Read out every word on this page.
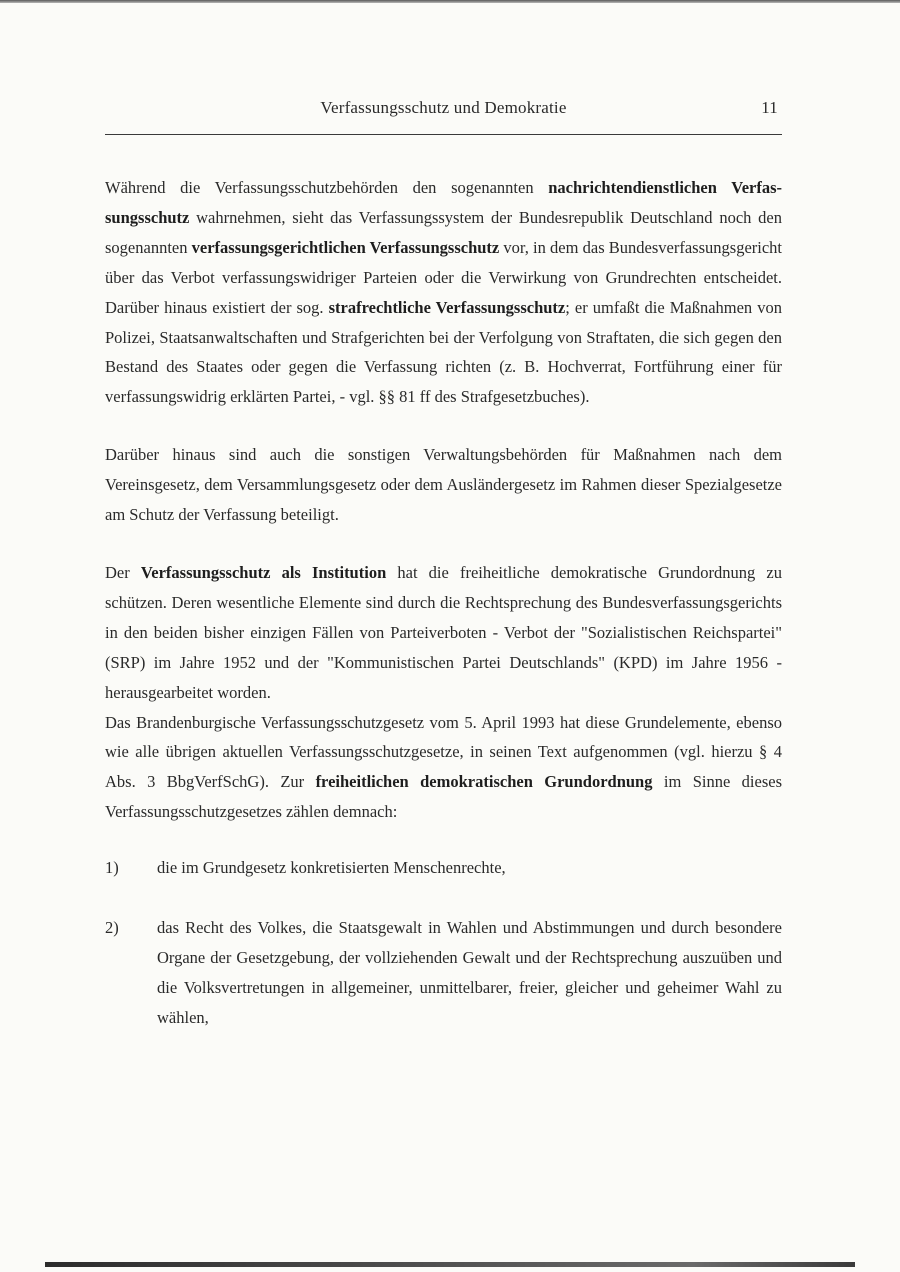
Verfassungsschutz und Demokratie	11

Während die Verfassungsschutzbehörden den sogenannten nachrichtendienstlichen Verfassungsschutz wahrnehmen, sieht das Verfassungssystem der Bundesrepublik Deutschland noch den sogenannten verfassungsgerichtlichen Verfassungsschutz vor, in dem das Bundesverfassungsgericht über das Verbot verfassungswidriger Parteien oder die Verwirkung von Grundrechten entscheidet. Darüber hinaus existiert der sog. strafrechtliche Verfassungsschutz; er umfaßt die Maßnahmen von Polizei, Staatsanwaltschaften und Strafgerichten bei der Verfolgung von Straftaten, die sich gegen den Bestand des Staates oder gegen die Verfassung richten (z. B. Hochverrat, Fortführung einer für verfassungswidrig erklärten Partei, - vgl. §§ 81 ff des Strafgesetzbuches).

Darüber hinaus sind auch die sonstigen Verwaltungsbehörden für Maßnahmen nach dem Vereinsgesetz, dem Versammlungsgesetz oder dem Ausländergesetz im Rahmen dieser Spezialgesetze am Schutz der Verfassung beteiligt.

Der Verfassungsschutz als Institution hat die freiheitliche demokratische Grundordnung zu schützen. Deren wesentliche Elemente sind durch die Rechtsprechung des Bundesverfassungsgerichts in den beiden bisher einzigen Fällen von Parteiverboten - Verbot der "Sozialistischen Reichspartei" (SRP) im Jahre 1952 und der "Kommunistischen Partei Deutschlands" (KPD) im Jahre 1956 - herausgearbeitet worden.

Das Brandenburgische Verfassungsschutzgesetz vom 5. April 1993 hat diese Grundelemente, ebenso wie alle übrigen aktuellen Verfassungsschutzgesetze, in seinen Text aufgenommen (vgl. hierzu § 4 Abs. 3 BbgVerfSchG). Zur freiheitlichen demokratischen Grundordnung im Sinne dieses Verfassungsschutzgesetzes zählen demnach:

1)	die im Grundgesetz konkretisierten Menschenrechte,
2)	das Recht des Volkes, die Staatsgewalt in Wahlen und Abstimmungen und durch besondere Organe der Gesetzgebung, der vollziehenden Gewalt und der Rechtsprechung auszuüben und die Volksvertretungen in allgemeiner, unmittelbarer, freier, gleicher und geheimer Wahl zu wählen,
